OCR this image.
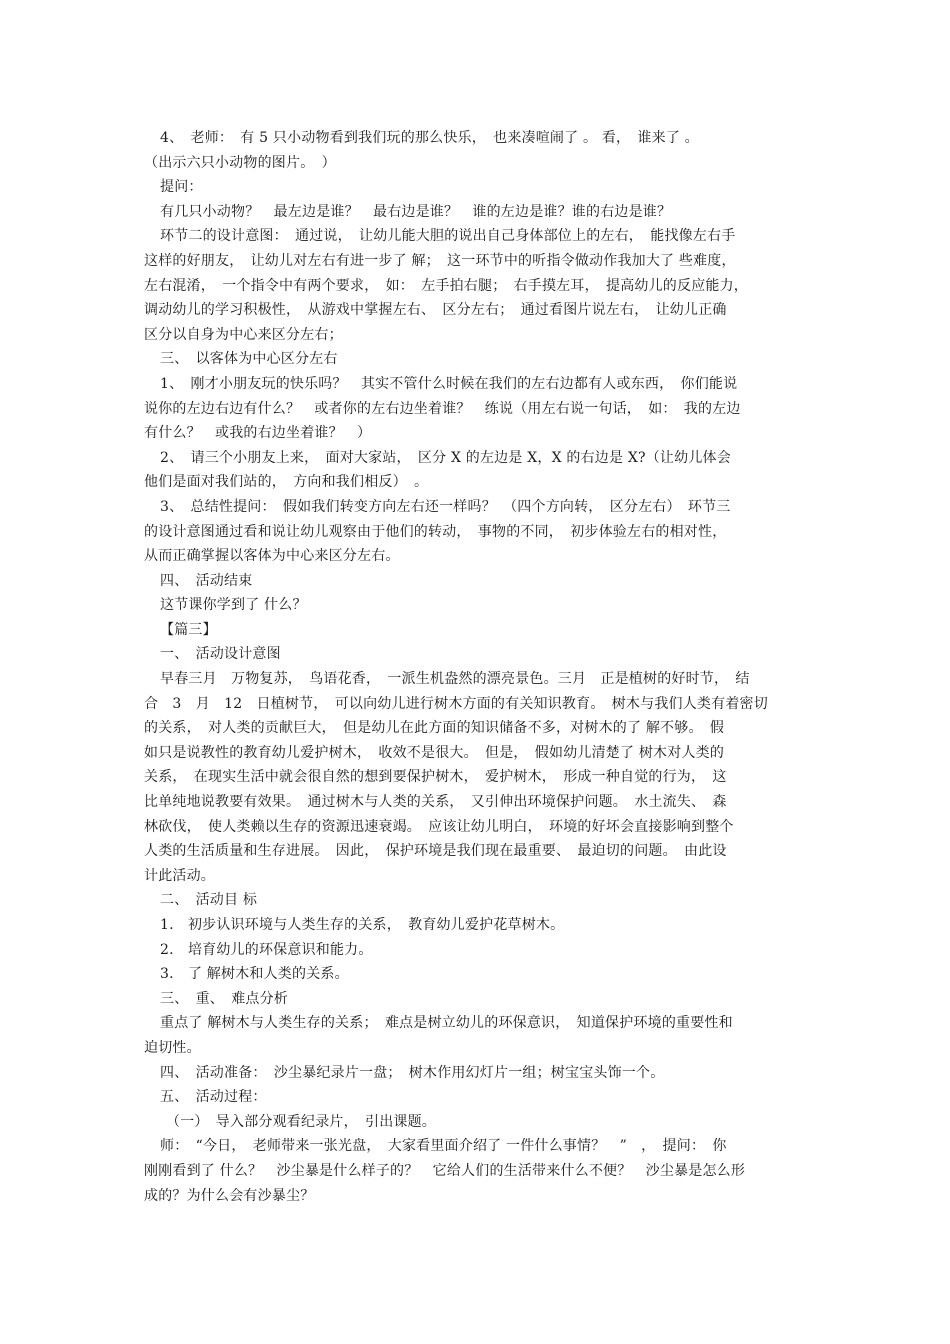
4、　老师：　有 5 只小动物看到我们玩的那么快乐，　也来凑喧闹了 。 看，　谁来了 。
（出示六只小动物的图片。　）
提问：
有几只小动物？　最左边是谁？　最右边是谁？　谁的左边是谁？谁的右边是谁？
环节二的设计意图：　通过说，　让幼儿能大胆的说出自己身体部位上的左右，　能找像左右手
这样的好朋友，　让幼儿对左右有进一步了 解；　这一环节中的听指令做动作我加大了 些难度，
左右混淆，　一个指令中有两个要求，　如：　左手拍右腿；　右手摸左耳，　提高幼儿的反应能力，
调动幼儿的学习积极性，　从游戏中掌握左右、　区分左右；　通过看图片说左右，　让幼儿正确
区分以自身为中心来区分左右；
三、　以客体为中心区分左右
1、　刚才小朋友玩的快乐吗？　其实不管什么时候在我们的左右边都有人或东西，　你们能说
说你的左边右边有什么？　或者你的左右边坐着谁？　练说（用左右说一句话，　如：　我的左边
有什么？　或我的右边坐着谁？　）
2、　请三个小朋友上来，　面对大家站，　区分 X 的左边是 X，X 的右边是 X?（让幼儿体会
他们是面对我们站的，　方向和我们相反）　。
3、　总结性提问：　假如我们转变方向左右还一样吗？　（四个方向转，　区分左右）　环节三
的设计意图通过看和说让幼儿观察由于他们的转动，　事物的不同，　初步体验左右的相对性，
从而正确掌握以客体为中心来区分左右。
四、　活动结束
这节课你学到了 什么？
【篇三】
一、　活动设计意图
早春三月　万物复苏，　鸟语花香，　一派生机盎然的漂亮景色。三月　正是植树的好时节，　结
合　3　月　12　日植树节，　可以向幼儿进行树木方面的有关知识教育。　树木与我们人类有着密切
的关系，　对人类的贡献巨大，　但是幼儿在此方面的知识储备不多，对树木的了 解不够。　假
如只是说教性的教育幼儿爱护树木，　收效不是很大。　但是，　假如幼儿清楚了 树木对人类的
关系，　在现实生活中就会很自然的想到要保护树木，　爱护树木，　形成一种自觉的行为，　这
比单纯地说教要有效果。　通过树木与人类的关系，　又引伸出环境保护问题。　水土流失、　森
林砍伐，　使人类赖以生存的资源迅速衰竭。　应该让幼儿明白，　环境的好坏会直接影响到整个
人类的生活质量和生存进展。　因此，　保护环境是我们现在最重要、　最迫切的问题。　由此设
计此活动。
二、　活动目 标
1.　初步认识环境与人类生存的关系，　教育幼儿爱护花草树木。
2.　培育幼儿的环保意识和能力。
3.　了 解树木和人类的关系。
三、　重、　难点分析
重点了 解树木与人类生存的关系；　难点是树立幼儿的环保意识，　知道保护环境的重要性和
迫切性。
四、　活动准备：　沙尘暴纪录片一盘；　树木作用幻灯片一组；树宝宝头饰一个。
五、　活动过程：
（一）　导入部分观看纪录片，　引出课题。
师：　“今日，　老师带来一张光盘，　大家看里面介绍了 一件什么事情？　”　，　提问：　你
刚刚看到了 什么？　沙尘暴是什么样子的？　它给人们的生活带来什么不便？　沙尘暴是怎么形
成的？为什么会有沙暴尘？
